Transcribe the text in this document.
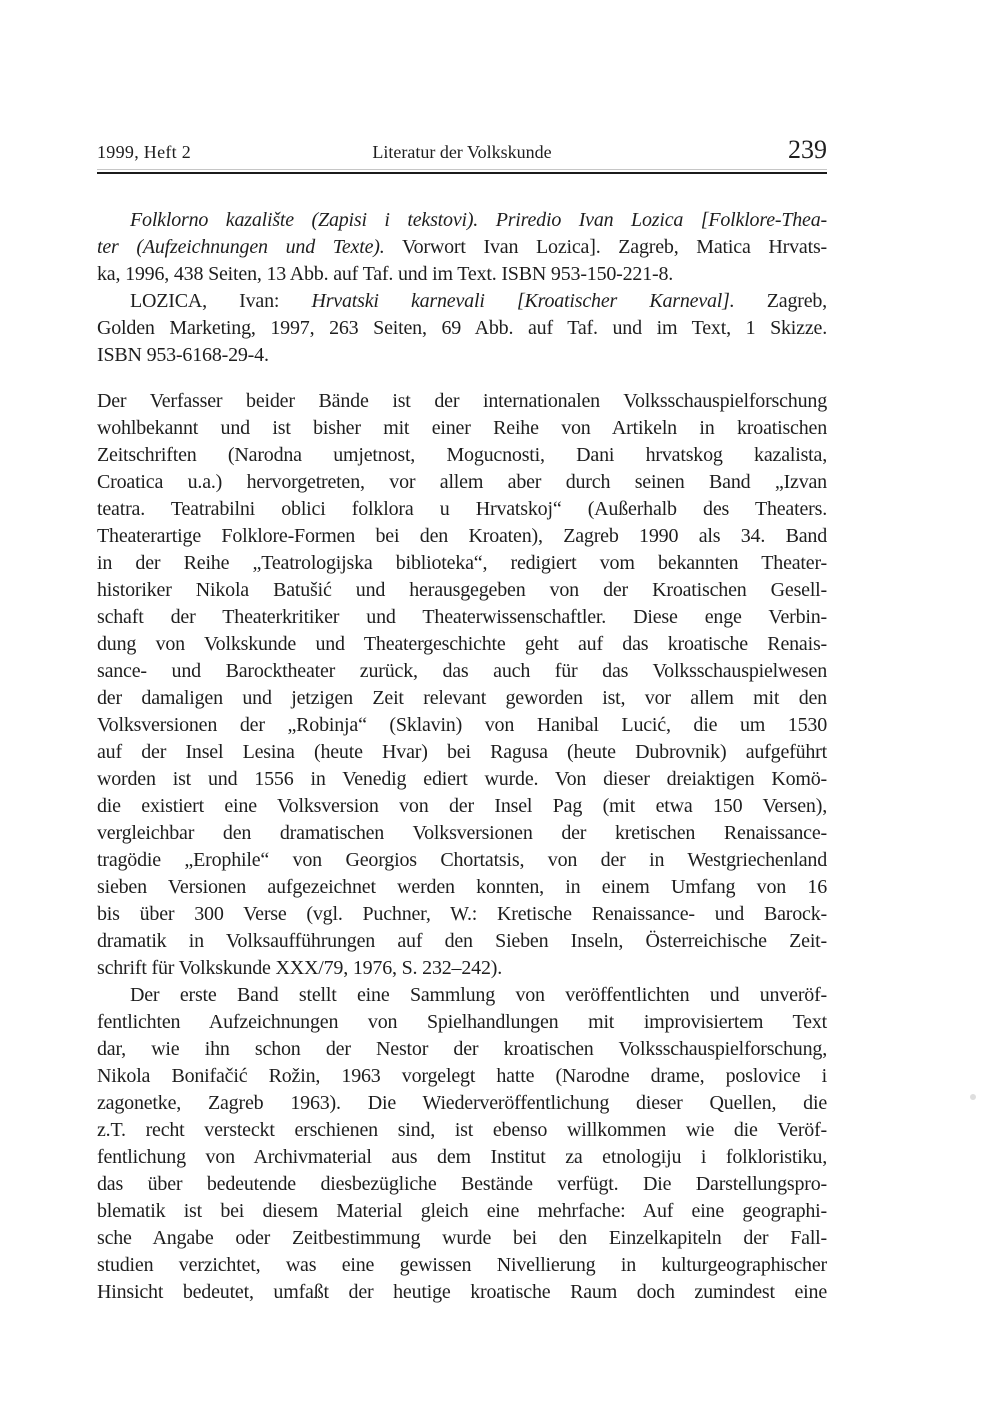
1999, Heft 2	Literatur der Volkskunde	239
Folklorno kazalište (Zapisi i tekstovi). Priredio Ivan Lozica [Folklore-Thea-
ter (Aufzeichnungen und Texte). Vorwort Ivan Lozica]. Zagreb, Matica Hrvats-
ka, 1996, 438 Seiten, 13 Abb. auf Taf. und im Text. ISBN 953-150-221-8.
LOZICA, Ivan: Hrvatski karnevali [Kroatischer Karneval]. Zagreb,
Golden Marketing, 1997, 263 Seiten, 69 Abb. auf Taf. und im Text, 1 Skizze.
ISBN 953-6168-29-4.
Der Verfasser beider Bände ist der internationalen Volksschauspielforschung
wohlbekannt und ist bisher mit einer Reihe von Artikeln in kroatischen
Zeitschriften (Narodna umjetnost, Mogucnosti, Dani hrvatskog kazalista,
Croatica u.a.) hervorgetreten, vor allem aber durch seinen Band „Izvan
teatra. Teatrabilni oblici folklora u Hrvatskoj“ (Außerhalb des Theaters.
Theaterartige Folklore-Formen bei den Kroaten), Zagreb 1990 als 34. Band
in der Reihe „Teatrologijska biblioteka“, redigiert vom bekannten Theater-
historiker Nikola Batušić und herausgegeben von der Kroatischen Gesell-
schaft der Theaterkritiker und Theaterwissenschaftler. Diese enge Verbin-
dung von Volkskunde und Theatergeschichte geht auf das kroatische Renais-
sance- und Barocktheater zurück, das auch für das Volksschauspielwesen
der damaligen und jetzigen Zeit relevant geworden ist, vor allem mit den
Volksversionen der „Robinja“ (Sklavin) von Hanibal Lucić, die um 1530
auf der Insel Lesina (heute Hvar) bei Ragusa (heute Dubrovnik) aufgeführt
worden ist und 1556 in Venedig ediert wurde. Von dieser dreiaktigen Komö-
die existiert eine Volksversion von der Insel Pag (mit etwa 150 Versen),
vergleichbar den dramatischen Volksversionen der kretischen Renaissance-
tragödie „Erophile“ von Georgios Chortatsis, von der in Westgriechenland
sieben Versionen aufgezeichnet werden konnten, in einem Umfang von 16
bis über 300 Verse (vgl. Puchner, W.: Kretische Renaissance- und Barock-
dramatik in Volksaufführungen auf den Sieben Inseln, Österreichische Zeit-
schrift für Volkskunde XXX/79, 1976, S. 232–242).
Der erste Band stellt eine Sammlung von veröffentlichten und unveröf-
fentlichten Aufzeichnungen von Spielhandlungen mit improvisiertem Text
dar, wie ihn schon der Nestor der kroatischen Volksschauspielforschung,
Nikola Bonifačić Rožin, 1963 vorgelegt hatte (Narodne drame, poslovice i
zagonetke, Zagreb 1963). Die Wiederveröffentlichung dieser Quellen, die
z.T. recht versteckt erschienen sind, ist ebenso willkommen wie die Veröf-
fentlichung von Archivmaterial aus dem Institut za etnologiju i folkloristiku,
das über bedeutende diesbezügliche Bestände verfügt. Die Darstellungspro-
blematik ist bei diesem Material gleich eine mehrfache: Auf eine geographi-
sche Angabe oder Zeitbestimmung wurde bei den Einzelkapiteln der Fall-
studien verzichtet, was eine gewissen Nivellierung in kulturgeographischer
Hinsicht bedeutet, umfaßt der heutige kroatische Raum doch zumindest eine
